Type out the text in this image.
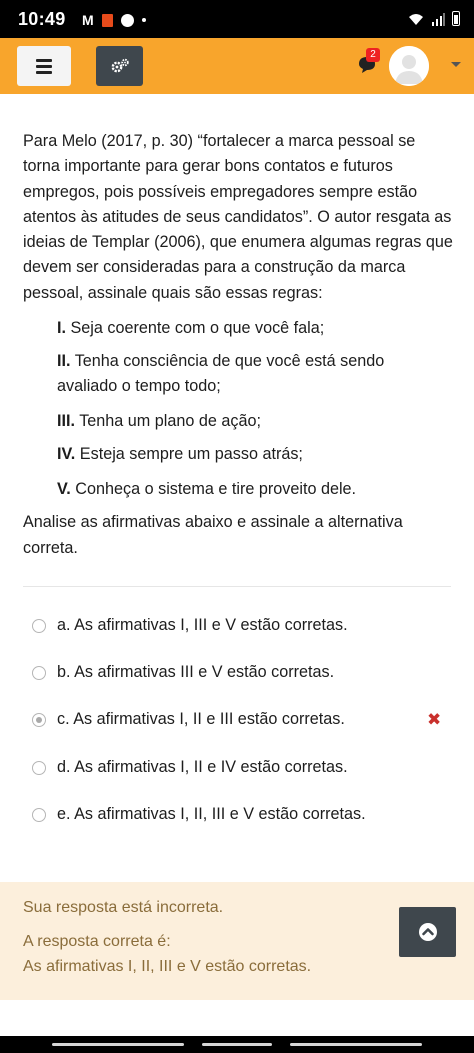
10:49 M
2
Para Melo (2017, p. 30) “fortalecer a marca pessoal se torna importante para gerar bons contatos e futuros empregos, pois possíveis empregadores sempre estão atentos às atitudes de seus candidatos”. O autor resgata as ideias de Templar (2006), que enumera algumas regras que devem ser consideradas para a construção da marca pessoal, assinale quais são essas regras:
I. Seja coerente com o que você fala;
II. Tenha consciência de que você está sendo avaliado o tempo todo;
III. Tenha um plano de ação;
IV. Esteja sempre um passo atrás;
V. Conheça o sistema e tire proveito dele.
Analise as afirmativas abaixo e assinale a alternativa correta.
a. As afirmativas I, III e V estão corretas.
b. As afirmativas III e V estão corretas.
c. As afirmativas I, II e III estão corretas.	✖
d. As afirmativas I, II e IV estão corretas.
e. As afirmativas I, II, III e V estão corretas.
Sua resposta está incorreta.
A resposta correta é:
As afirmativas I, II, III e V estão corretas.
